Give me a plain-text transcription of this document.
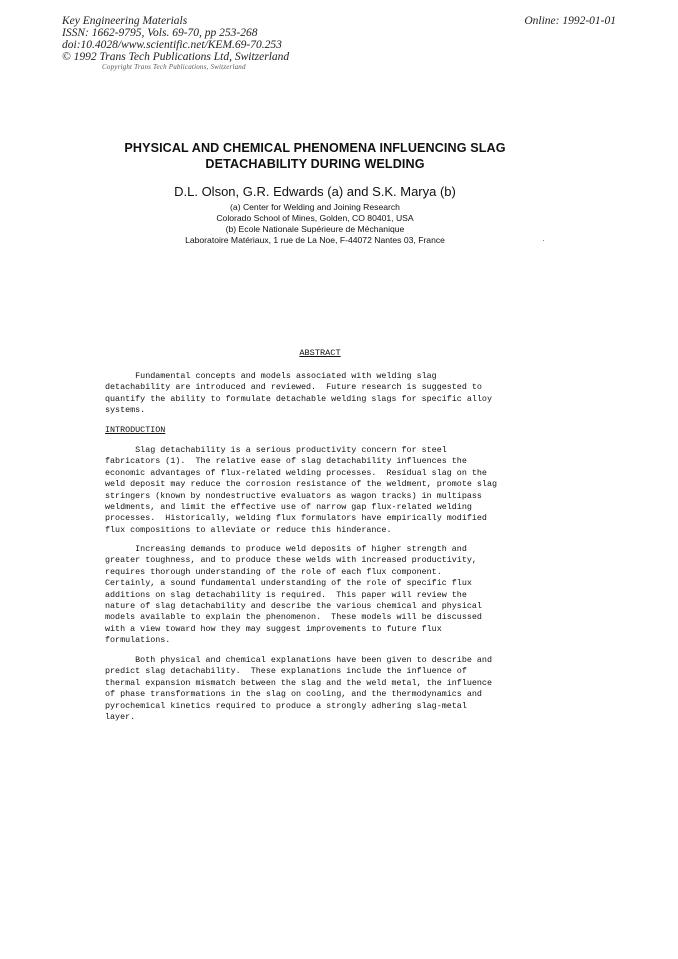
Key Engineering Materials
ISSN: 1662-9795, Vols. 69-70, pp 253-268
doi:10.4028/www.scientific.net/KEM.69-70.253
© 1992 Trans Tech Publications Ltd, Switzerland
Online: 1992-01-01
Copyright Trans Tech Publications, Switzerland
PHYSICAL AND CHEMICAL PHENOMENA INFLUENCING SLAG
DETACHABILITY DURING WELDING
D.L. Olson, G.R. Edwards (a) and S.K. Marya (b)
(a) Center for Welding and Joining Research
Colorado School of Mines, Golden, CO 80401, USA
(b) Ecole Nationale Supérieure de Méchanique
Laboratoire Matériaux, 1 rue de La Noe, F-44072 Nantes 03, France
ABSTRACT
Fundamental concepts and models associated with welding slag
detachability are introduced and reviewed.  Future research is suggested to
quantify the ability to formulate detachable welding slags for specific alloy
systems.
INTRODUCTION
Slag detachability is a serious productivity concern for steel
fabricators (1).  The relative ease of slag detachability influences the
economic advantages of flux-related welding processes.  Residual slag on the
weld deposit may reduce the corrosion resistance of the weldment, promote slag
stringers (known by nondestructive evaluators as wagon tracks) in multipass
weldments, and limit the effective use of narrow gap flux-related welding
processes.  Historically, welding flux formulators have empirically modified
flux compositions to alleviate or reduce this hinderance.
Increasing demands to produce weld deposits of higher strength and
greater toughness, and to produce these welds with increased productivity,
requires thorough understanding of the role of each flux component.
Certainly, a sound fundamental understanding of the role of specific flux
additions on slag detachability is required.  This paper will review the
nature of slag detachability and describe the various chemical and physical
models available to explain the phenomenon.  These models will be discussed
with a view toward how they may suggest improvements to future flux
formulations.
Both physical and chemical explanations have been given to describe and
predict slag detachability.  These explanations include the influence of
thermal expansion mismatch between the slag and the weld metal, the influence
of phase transformations in the slag on cooling, and the thermodynamics and
pyrochemical kinetics required to produce a strongly adhering slag-metal
layer.
